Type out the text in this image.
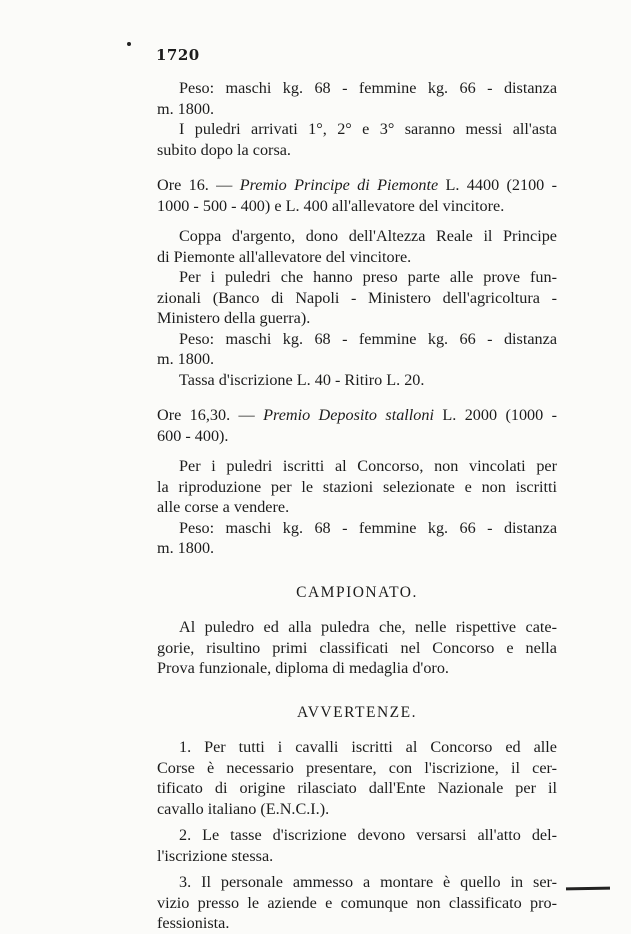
1720
Peso: maschi kg. 68 - femmine kg. 66 - distanza
m. 1800.
I puledri arrivati 1°, 2° e 3° saranno messi all'asta
subito dopo la corsa.
Ore 16. — Premio Principe di Piemonte L. 4400 (2100 -
1000 - 500 - 400) e L. 400 all'allevatore del vincitore.
Coppa d'argento, dono dell'Altezza Reale il Principe
di Piemonte all'allevatore del vincitore.
Per i puledri che hanno preso parte alle prove fun-
zionali (Banco di Napoli - Ministero dell'agricoltura -
Ministero della guerra).
Peso: maschi kg. 68 - femmine kg. 66 - distanza
m. 1800.
Tassa d'iscrizione L. 40 - Ritiro L. 20.
Ore 16,30. — Premio Deposito stalloni L. 2000 (1000 -
600 - 400).
Per i puledri iscritti al Concorso, non vincolati per
la riproduzione per le stazioni selezionate e non iscritti
alle corse a vendere.
Peso: maschi kg. 68 - femmine kg. 66 - distanza
m. 1800.
CAMPIONATO.
Al puledro ed alla puledra che, nelle rispettive cate-
gorie, risultino primi classificati nel Concorso e nella
Prova funzionale, diploma di medaglia d'oro.
AVVERTENZE.
1. Per tutti i cavalli iscritti al Concorso ed alle
Corse è necessario presentare, con l'iscrizione, il cer-
tificato di origine rilasciato dall'Ente Nazionale per il
cavallo italiano (E.N.C.I.).
2. Le tasse d'iscrizione devono versarsi all'atto del-
l'iscrizione stessa.
3. Il personale ammesso a montare è quello in ser-
vizio presso le aziende e comunque non classificato pro-
fessionista.
